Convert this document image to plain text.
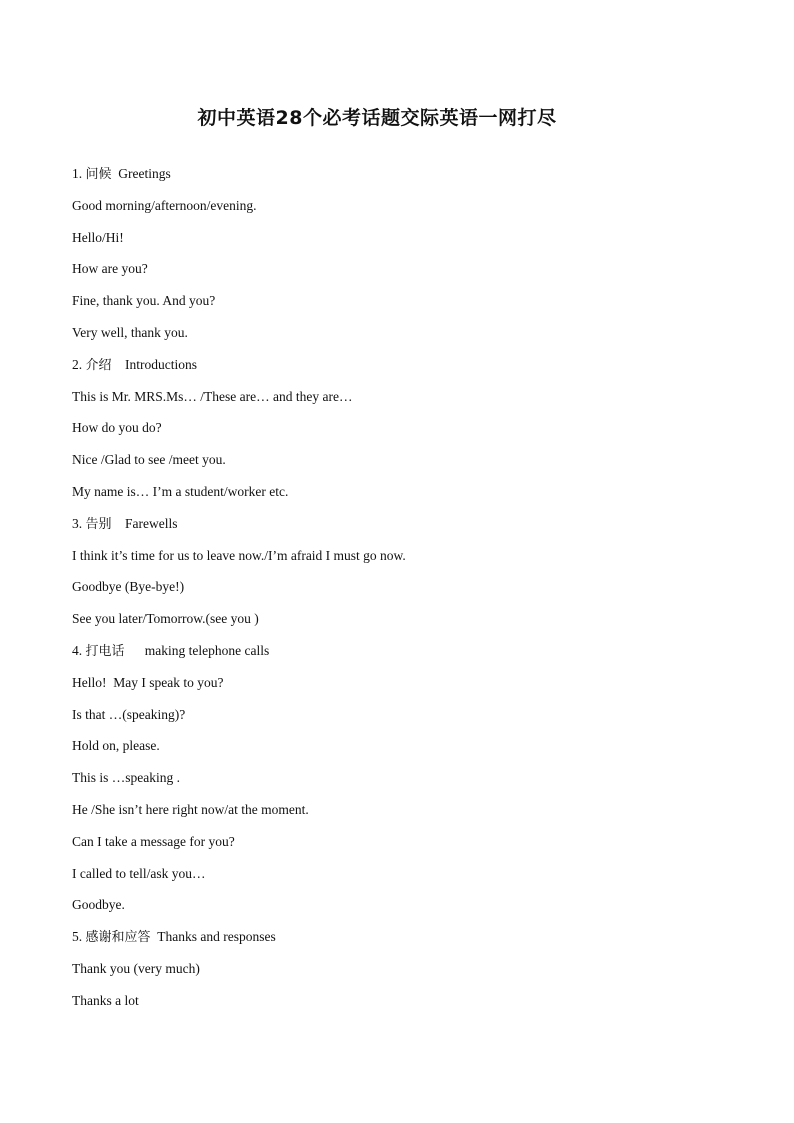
初中英语28个必考话题交际英语一网打尽
1. 问候 Greetings
Good morning/afternoon/evening.
Hello/Hi!
How are you?
Fine, thank you. And you?
Very well, thank you.
2. 介绍 Introductions
This is Mr. MRS.Ms… /These are… and they are…
How do you do?
Nice /Glad to see /meet you.
My name is… I’m a student/worker etc.
3. 告别 Farewells
I think it’s time for us to leave now./I’m afraid I must go now.
Goodbye (Bye-bye!)
See you later/Tomorrow.(see you )
4. 打电话 making telephone calls
Hello!  May I speak to you?
Is that …(speaking)?
Hold on, please.
This is …speaking .
He /She isn’t here right now/at the moment.
Can I take a message for you?
I called to tell/ask you…
Goodbye.
5. 感谢和应答 Thanks and responses
Thank you (very much)
Thanks a lot
